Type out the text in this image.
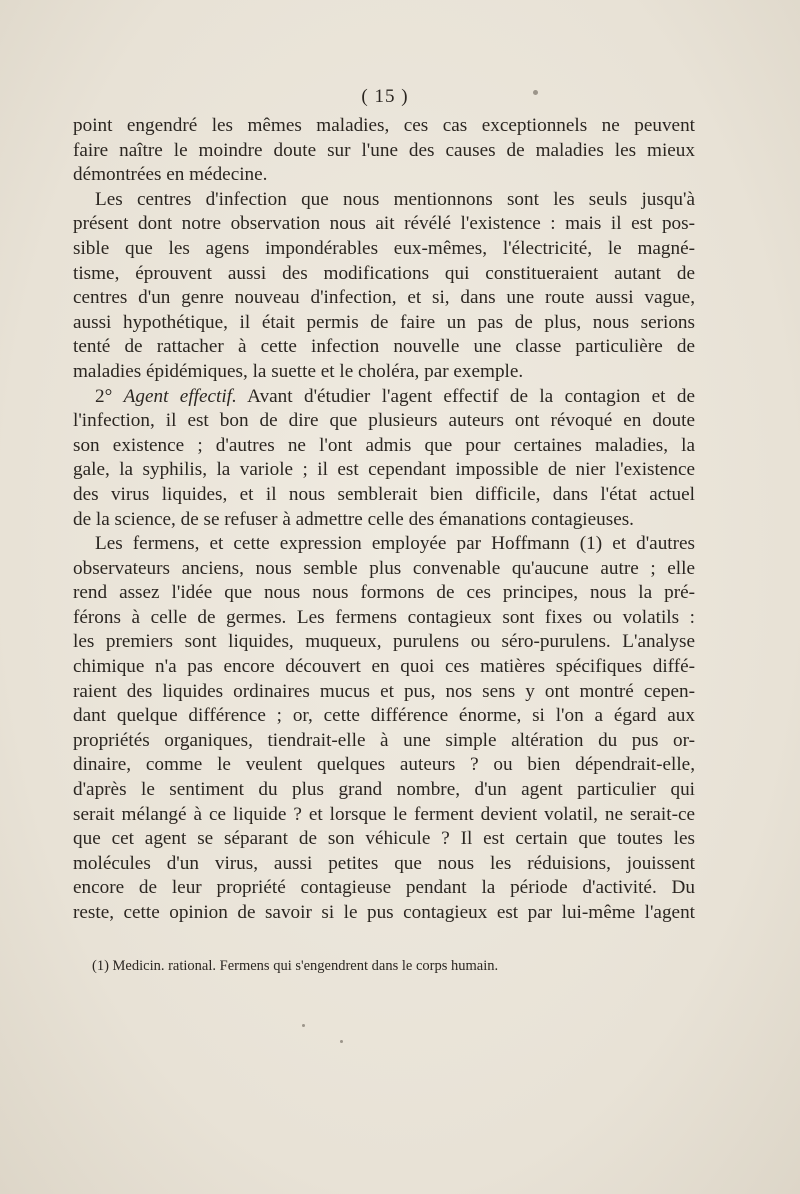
( 15 )

point engendré les mêmes maladies, ces cas exceptionnels ne peuvent

faire naître le moindre doute sur l'une des causes de maladies les mieux

démontrées en médecine.

Les centres d'infection que nous mentionnons sont les seuls jusqu'à

présent dont notre observation nous ait révélé l'existence : mais il est pos-

sible que les agens impondérables eux-mêmes, l'électricité, le magné-

tisme, éprouvent aussi des modifications qui constitueraient autant de

centres d'un genre nouveau d'infection, et si, dans une route aussi vague,

aussi hypothétique, il était permis de faire un pas de plus, nous serions

tenté de rattacher à cette infection nouvelle une classe particulière de

maladies épidémiques, la suette et le choléra, par exemple.

2° Agent effectif. Avant d'étudier l'agent effectif de la contagion et de

l'infection, il est bon de dire que plusieurs auteurs ont révoqué en doute

son existence ; d'autres ne l'ont admis que pour certaines maladies, la

gale, la syphilis, la variole ; il est cependant impossible de nier l'existence

des virus liquides, et il nous semblerait bien difficile, dans l'état actuel

de la science, de se refuser à admettre celle des émanations contagieuses.

Les fermens, et cette expression employée par Hoffmann (1) et d'autres

observateurs anciens, nous semble plus convenable qu'aucune autre ; elle

rend assez l'idée que nous nous formons de ces principes, nous la pré-

férons à celle de germes. Les fermens contagieux sont fixes ou volatils :

les premiers sont liquides, muqueux, purulens ou séro-purulens. L'analyse

chimique n'a pas encore découvert en quoi ces matières spécifiques diffé-

raient des liquides ordinaires mucus et pus, nos sens y ont montré cepen-

dant quelque différence ; or, cette différence énorme, si l'on a égard aux

propriétés organiques, tiendrait-elle à une simple altération du pus or-

dinaire, comme le veulent quelques auteurs ? ou bien dépendrait-elle,

d'après le sentiment du plus grand nombre, d'un agent particulier qui

serait mélangé à ce liquide ? et lorsque le ferment devient volatil, ne serait-ce

que cet agent se séparant de son véhicule ? Il est certain que toutes les

molécules d'un virus, aussi petites que nous les réduisions, jouissent

encore de leur propriété contagieuse pendant la période d'activité. Du

reste, cette opinion de savoir si le pus contagieux est par lui-même l'agent

(1) Medicin. rational. Fermens qui s'engendrent dans le corps humain.
